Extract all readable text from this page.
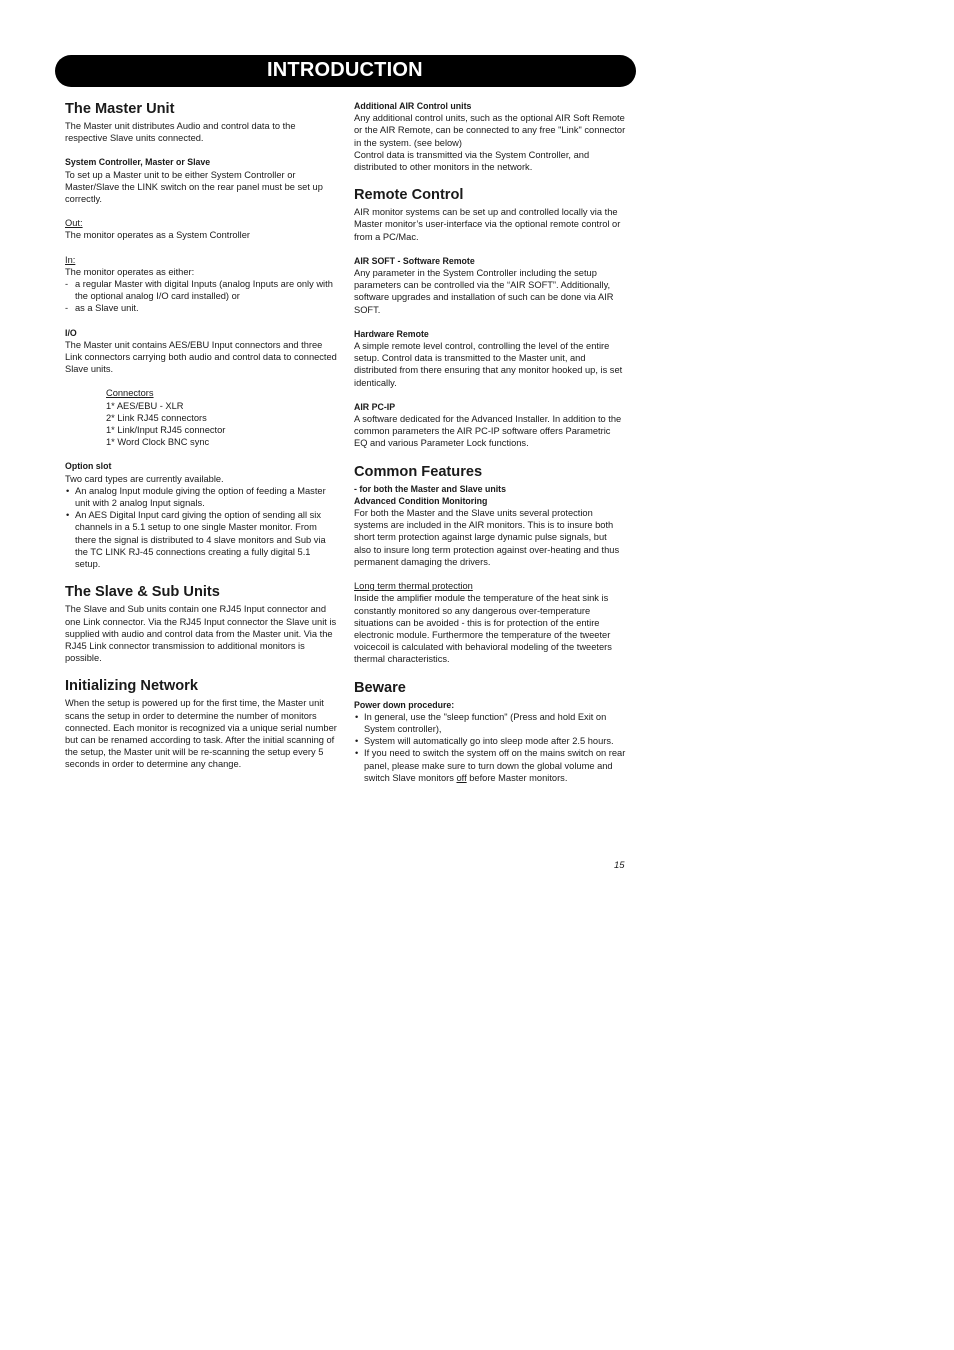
INTRODUCTION
The Master Unit

The Master unit distributes Audio and control data to the respective Slave units connected.

System Controller, Master or Slave

To set up a Master unit to be either System Controller or Master/Slave the LINK switch on the rear panel must be set up correctly.

Out:

The monitor operates as a System Controller

In:

The monitor operates as either:

- a regular Master with digital Inputs (analog Inputs are only with the optional analog I/O card installed) or
- as a Slave unit.

I/O

The Master unit contains AES/EBU Input connectors and three Link connectors carrying both audio and control data to connected Slave units.

Connectors

1* AES/EBU - XLR

2* Link RJ45 connectors

1* Link/Input RJ45 connector

1* Word Clock BNC sync

Option slot

Two card types are currently available.

• An analog Input module giving the option of feeding a Master unit with 2 analog Input signals.
• An AES Digital Input card giving the option of sending all six channels in a 5.1 setup to one single Master monitor. From there the signal is distributed to 4 slave monitors and Sub via the TC LINK RJ-45 connections creating a fully digital 5.1 setup.
The Slave & Sub Units

The Slave and Sub units contain one RJ45 Input connector and one Link connector. Via the RJ45 Input connector the Slave unit is supplied with audio and control data from the Master unit. Via the RJ45 Link connector transmission to additional monitors is possible.

Initializing Network

When the setup is powered up for the first time, the Master unit scans the setup in order to determine the number of monitors connected. Each monitor is recognized via a unique serial number but can be renamed according to task. After the initial scanning of the setup, the Master unit will be re-scanning the setup every 5 seconds in order to determine any change.

Additional AIR Control units

Any additional control units, such as the optional AIR Soft Remote or the AIR Remote, can be connected to any free "Link" connector in the system. (see below)

Control data is transmitted via the System Controller, and distributed to other monitors in the network.

Remote Control

AIR monitor systems can be set up and controlled locally via the Master monitor’s user-interface via the optional remote control or from a PC/Mac.

AIR SOFT - Software Remote

Any parameter in the System Controller including the setup parameters can be controlled via the “AIR SOFT”. Additionally, software upgrades and installation of such can be done via AIR SOFT.

Hardware Remote

A simple remote level control, controlling the level of the entire setup. Control data is transmitted to the Master unit, and distributed from there ensuring that any monitor hooked up, is set identically.

AIR PC-IP

A software dedicated for the Advanced Installer. In addition to the common parameters the AIR PC-IP software offers Parametric EQ and various Parameter Lock functions.

Common Features

- for both the Master and Slave units

Advanced Condition Monitoring

For both the Master and the Slave units several protection systems are included in the AIR monitors. This is to insure both short term protection against large dynamic pulse signals, but also to insure long term protection against over-heating and thus permanent damaging the drivers.

Long term thermal protection

Inside the amplifier module the temperature of the heat sink is constantly monitored so any dangerous over-temperature situations can be avoided - this is for protection of the entire electronic module. Furthermore the temperature of the tweeter voicecoil is calculated with behavioral modeling of the tweeters thermal characteristics.

Beware

Power down procedure:

• In general, use the "sleep function" (Press and hold Exit on System controller),
• System will automatically go into sleep mode after 2.5 hours.
• If you need to switch the system off on the mains switch on rear panel, please make sure to turn down the global volume and switch Slave monitors off before Master monitors.
15
